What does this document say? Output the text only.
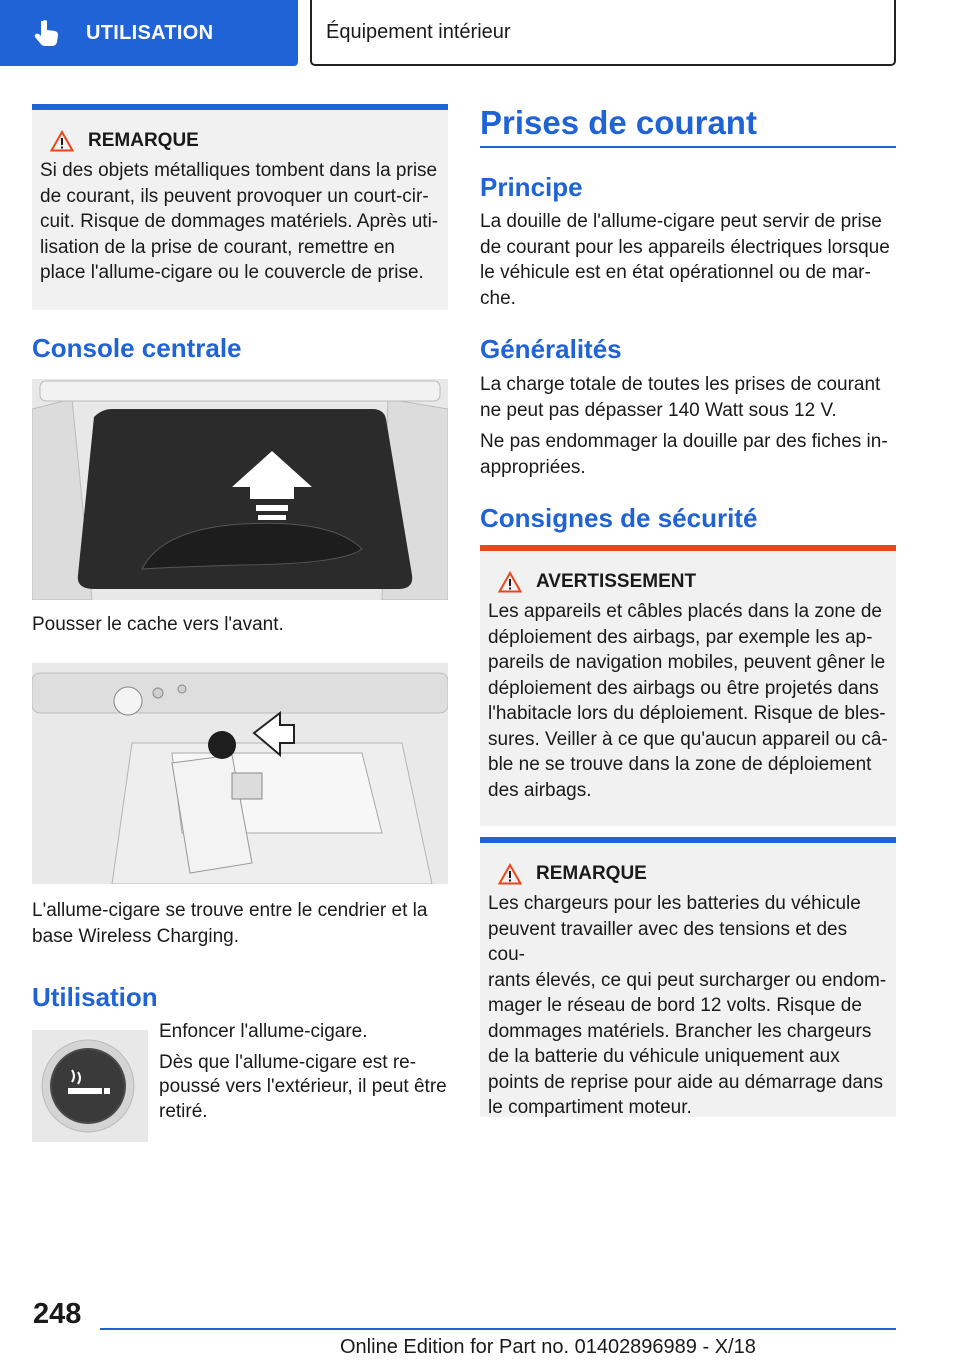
UTILISATION	Équipement intérieur
REMARQUE
Si des objets métalliques tombent dans la prise
de courant, ils peuvent provoquer un court-cir-
cuit. Risque de dommages matériels. Après uti-
lisation de la prise de courant, remettre en
place l'allume-cigare ou le couvercle de prise.
Console centrale
Pousser le cache vers l'avant.
L'allume-cigare se trouve entre le cendrier et la
base Wireless Charging.
Utilisation
Enfoncer l'allume-cigare.
Dès que l'allume-cigare est re-
poussé vers l'extérieur, il peut être
retiré.
Prises de courant
Principe
La douille de l'allume-cigare peut servir de prise
de courant pour les appareils électriques lorsque
le véhicule est en état opérationnel ou de mar-
che.
Généralités
La charge totale de toutes les prises de courant
ne peut pas dépasser 140 Watt sous 12 V.
Ne pas endommager la douille par des fiches in-
appropriées.
Consignes de sécurité
AVERTISSEMENT
Les appareils et câbles placés dans la zone de
déploiement des airbags, par exemple les ap-
pareils de navigation mobiles, peuvent gêner le
déploiement des airbags ou être projetés dans
l'habitacle lors du déploiement. Risque de bles-
sures. Veiller à ce que qu'aucun appareil ou câ-
ble ne se trouve dans la zone de déploiement
des airbags.
REMARQUE
Les chargeurs pour les batteries du véhicule
peuvent travailler avec des tensions et des cou-
rants élevés, ce qui peut surcharger ou endom-
mager le réseau de bord 12 volts. Risque de
dommages matériels. Brancher les chargeurs
de la batterie du véhicule uniquement aux
points de reprise pour aide au démarrage dans
le compartiment moteur.
248
Online Edition for Part no. 01402896989 - X/18
